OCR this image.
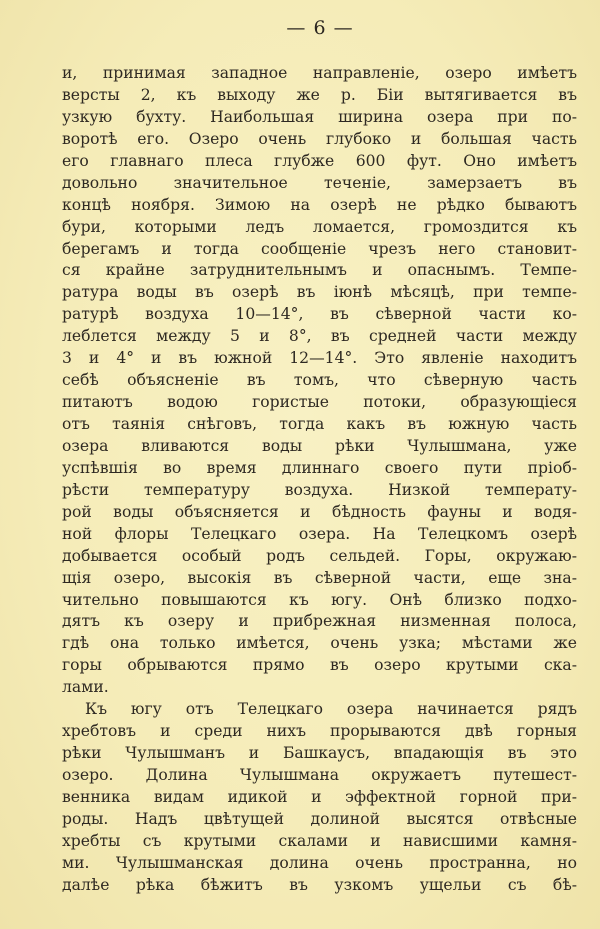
— 6 —
и, принимая западное направленіе, озеро имѣетъ
версты 2, къ выходу же р. Біи вытягивается въ
узкую бухту. Наибольшая ширина озера при по-
воротѣ его. Озеро очень глубоко и большая часть
его главнаго плеса глубже 600 фут. Оно имѣетъ
довольно значительное теченіе, замерзаетъ въ
концѣ ноября. Зимою на озерѣ не рѣдко бываютъ
бури, которыми ледъ ломается, громоздится къ
берегамъ и тогда сообщеніе чрезъ него становит-
ся крайне затруднительнымъ и опаснымъ. Темпе-
ратура воды въ озерѣ въ іюнѣ мѣсяцѣ, при темпе-
ратурѣ воздуха 10—14°, въ сѣверной части ко-
леблется между 5 и 8°, въ средней части между
3 и 4° и въ южной 12—14°. Это явленіе находитъ
себѣ объясненіе въ томъ, что сѣверную часть
питаютъ водою гористые потоки, образующіеся
отъ таянія снѣговъ, тогда какъ въ южную часть
озера вливаются воды рѣки Чулышмана, уже
успѣвшія во время длиннаго своего пути пріоб-
рѣсти температуру воздуха. Низкой температу-
рой воды объясняется и бѣдность фауны и водя-
ной флоры Телецкаго озера. На Телецкомъ озерѣ
добывается особый родъ сельдей. Горы, окружаю-
щія озеро, высокія въ сѣверной части, еще зна-
чительно повышаются къ югу. Онѣ близко подхо-
дятъ къ озеру и прибрежная низменная полоса,
гдѣ она только имѣется, очень узка; мѣстами же
горы обрываются прямо въ озеро крутыми ска-
лами.
Къ югу отъ Телецкаго озера начинается рядъ
хребтовъ и среди нихъ прорываются двѣ горныя
рѣки Чулышманъ и Башкаусъ, впадающія въ это
озеро. Долина Чулышмана окружаетъ путешест-
венника видам идикой и эффектной горной при-
роды. Надъ цвѣтущей долиной высятся отвѣсные
хребты съ крутыми скалами и нависшими камня-
ми. Чулышманская долина очень пространна, но
далѣе рѣка бѣжитъ въ узкомъ ущельи съ бѣ-
